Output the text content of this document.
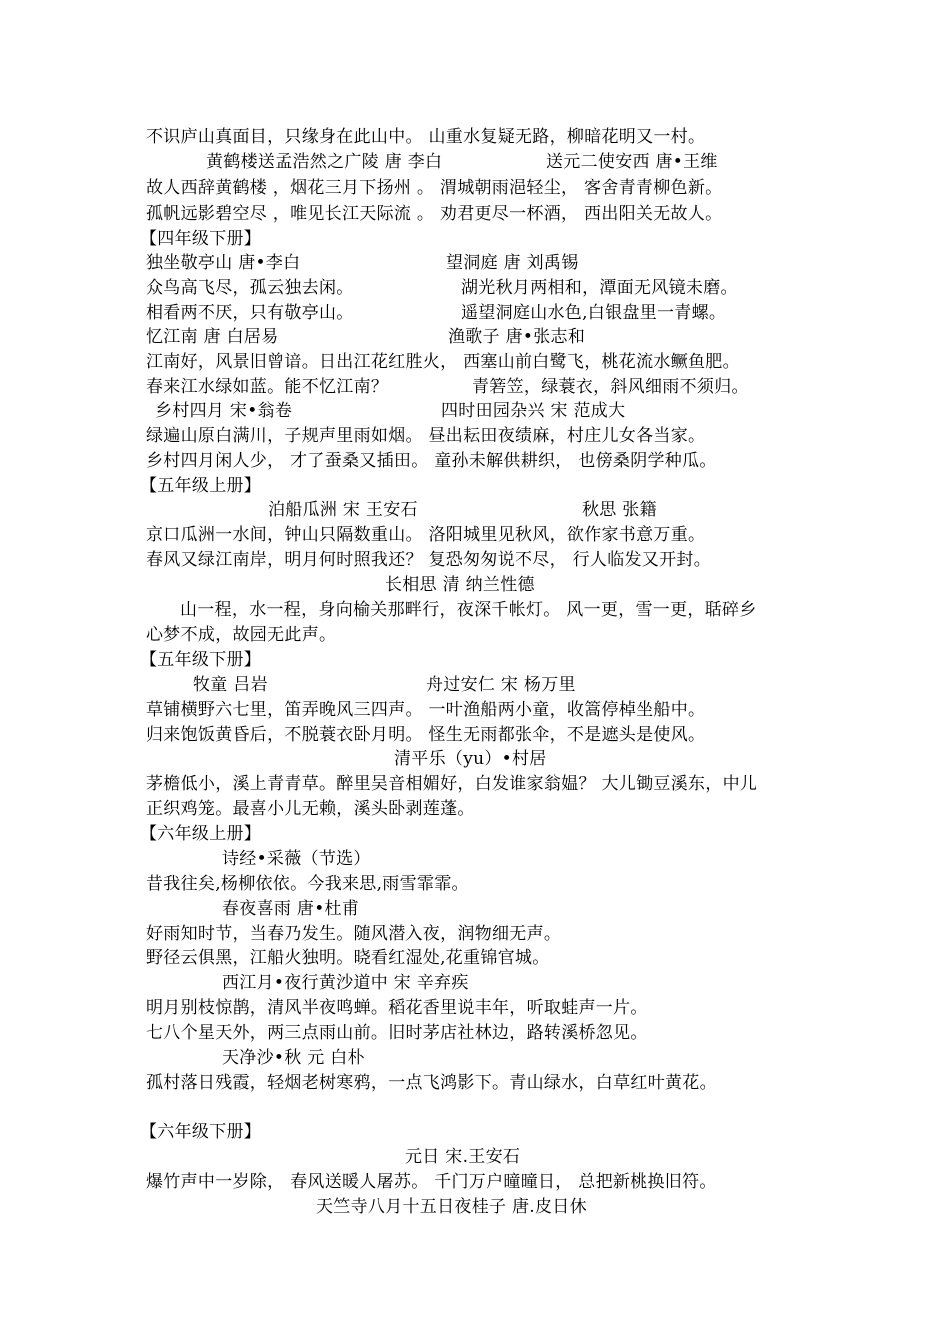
不识庐山真面目，只缘身在此山中。 山重水复疑无路，柳暗花明又一村。
黄鹤楼送孟浩然之广陵 唐 李白	送元二使安西 唐•王维
故人西辞黄鹤楼 ，烟花三月下扬州 。 渭城朝雨浥轻尘， 客舍青青柳色新。
孤帆远影碧空尽 ，唯见长江天际流 。 劝君更尽一杯酒， 西出阳关无故人。
【四年级下册】
独坐敬亭山 唐•李白	望洞庭 唐 刘禹锡
众鸟高飞尽，孤云独去闲。	湖光秋月两相和，潭面无风镜未磨。
相看两不厌，只有敬亭山。	遥望洞庭山水色,白银盘里一青螺。
忆江南 唐 白居易	渔歌子 唐•张志和
江南好，风景旧曾谙。日出江花红胜火， 西塞山前白鹭飞，桃花流水鳜鱼肥。
春来江水绿如蓝。能不忆江南？	青箬笠，绿蓑衣，斜风细雨不须归。
乡村四月 宋•翁卷	四时田园杂兴 宋 范成大
绿遍山原白满川，子规声里雨如烟。 昼出耘田夜绩麻，村庄儿女各当家。
乡村四月闲人少， 才了蚕桑又插田。 童孙未解供耕织， 也傍桑阴学种瓜。
【五年级上册】
泊船瓜洲 宋 王安石	秋思 张籍
京口瓜洲一水间，钟山只隔数重山。 洛阳城里见秋风，欲作家书意万重。
春风又绿江南岸，明月何时照我还？ 复恐匆匆说不尽， 行人临发又开封。
长相思 清 纳兰性德
山一程，水一程，身向榆关那畔行，夜深千帐灯。 风一更，雪一更，聒碎乡
心梦不成，故园无此声。
【五年级下册】
牧童 吕岩	舟过安仁 宋 杨万里
草铺横野六七里，笛弄晚风三四声。 一叶渔船两小童，收篙停棹坐船中。
归来饱饭黄昏后，不脱蓑衣卧月明。 怪生无雨都张伞，不是遮头是使风。
清平乐（yu）•村居
茅檐低小，溪上青青草。醉里吴音相媚好，白发谁家翁媪？ 大儿锄豆溪东，中儿
正织鸡笼。最喜小儿无赖，溪头卧剥莲蓬。
【六年级上册】
诗经•采薇（节选）
昔我往矣,杨柳依依。今我来思,雨雪霏霏。
春夜喜雨 唐•杜甫
好雨知时节，当春乃发生。随风潜入夜，润物细无声。
野径云俱黑，江船火独明。晓看红湿处,花重锦官城。
西江月•夜行黄沙道中 宋 辛弃疾
明月别枝惊鹊，清风半夜鸣蝉。稻花香里说丰年，听取蛙声一片。
七八个星天外，两三点雨山前。旧时茅店社林边，路转溪桥忽见。
天净沙•秋 元 白朴
孤村落日残霞，轻烟老树寒鸦，一点飞鸿影下。青山绿水，白草红叶黄花。
【六年级下册】
元日 宋.王安石
爆竹声中一岁除， 春风送暖人屠苏。 千门万户曈曈日， 总把新桃换旧符。
天竺寺八月十五日夜桂子 唐.皮日休
